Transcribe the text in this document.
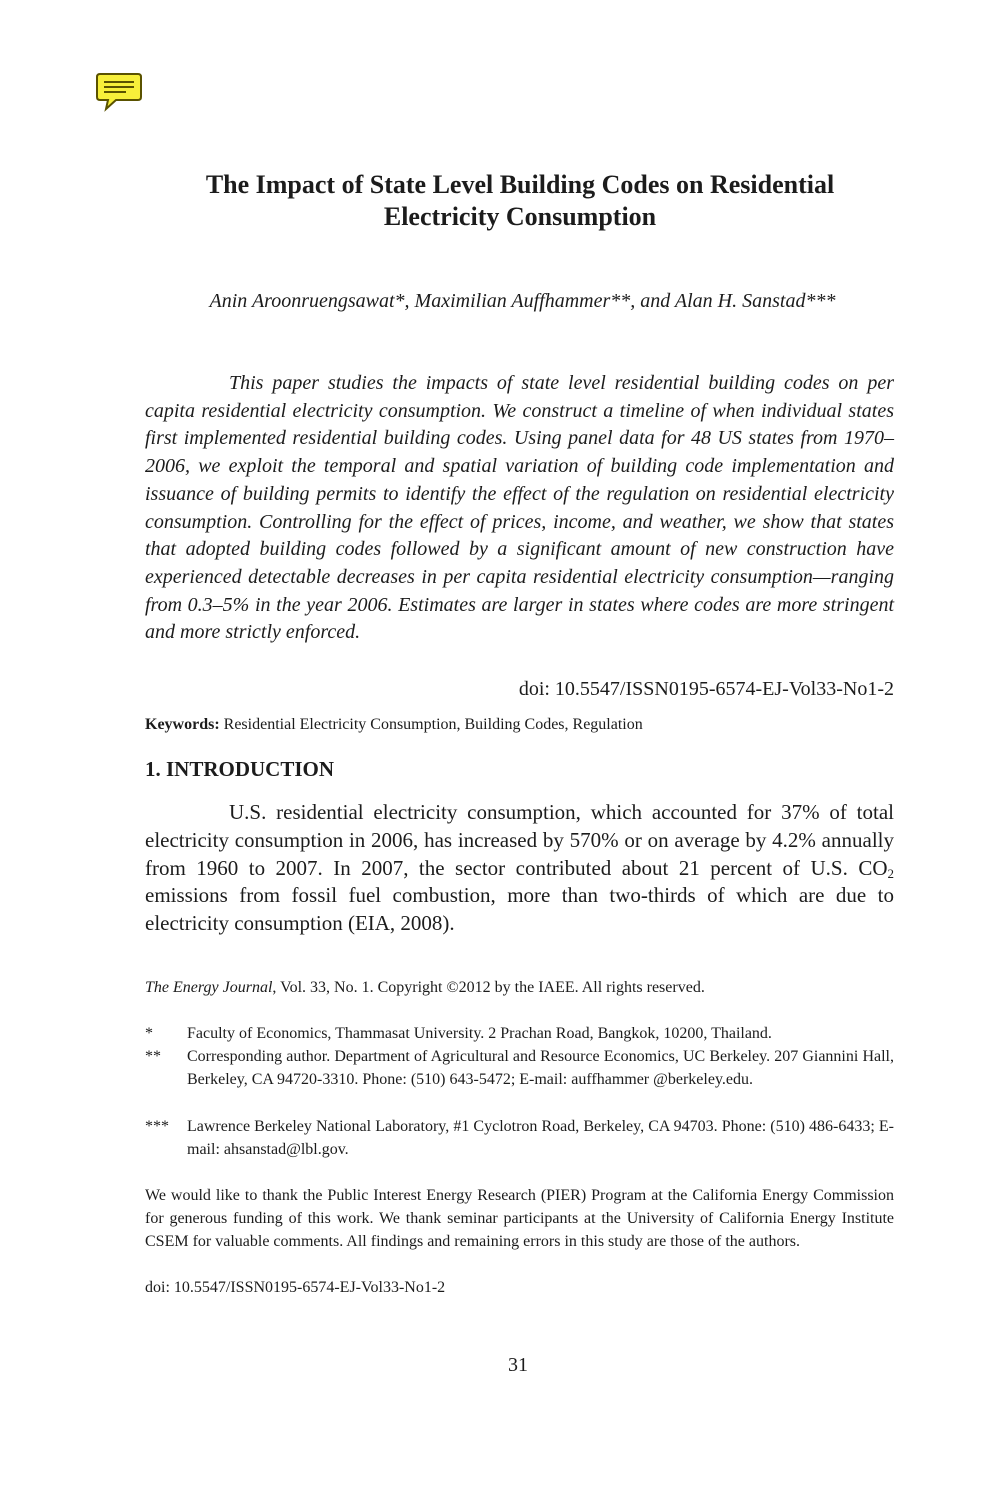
The Impact of State Level Building Codes on Residential Electricity Consumption
Anin Aroonruengsawat*, Maximilian Auffhammer**, and Alan H. Sanstad***

This paper studies the impacts of state level residential building codes on per capita residential electricity consumption. We construct a timeline of when individual states first implemented residential building codes. Using panel data for 48 US states from 1970–2006, we exploit the temporal and spatial variation of building code implementation and issuance of building permits to identify the effect of the regulation on residential electricity consumption. Controlling for the effect of prices, income, and weather, we show that states that adopted building codes followed by a significant amount of new construction have experienced detectable decreases in per capita residential electricity consumption—ranging from 0.3–5% in the year 2006. Estimates are larger in states where codes are more stringent and more strictly enforced.

doi: 10.5547/ISSN0195-6574-EJ-Vol33-No1-2
Keywords: Residential Electricity Consumption, Building Codes, Regulation
1. INTRODUCTION

U.S. residential electricity consumption, which accounted for 37% of total electricity consumption in 2006, has increased by 570% or on average by 4.2% annually from 1960 to 2007. In 2007, the sector contributed about 21 percent of U.S. $CO_2$ emissions from fossil fuel combustion, more than two-thirds of which are due to electricity consumption (EIA, 2008).

The Energy Journal, Vol. 33, No. 1. Copyright ©2012 by the IAEE. All rights reserved.
*	Faculty of Economics, Thammasat University. 2 Prachan Road, Bangkok, 10200, Thailand.
**	Corresponding author. Department of Agricultural and Resource Economics, UC Berkeley. 207 Giannini Hall, Berkeley, CA 94720-3310. Phone: (510) 643-5472; E-mail: auffhammer @berkeley.edu.
***	Lawrence Berkeley National Laboratory, #1 Cyclotron Road, Berkeley, CA 94703. Phone: (510) 486-6433; E-mail: ahsanstad@lbl.gov.

We would like to thank the Public Interest Energy Research (PIER) Program at the California Energy Commission for generous funding of this work. We thank seminar participants at the University of California Energy Institute CSEM for valuable comments. All findings and remaining errors in this study are those of the authors.

doi: 10.5547/ISSN0195-6574-EJ-Vol33-No1-2
31
